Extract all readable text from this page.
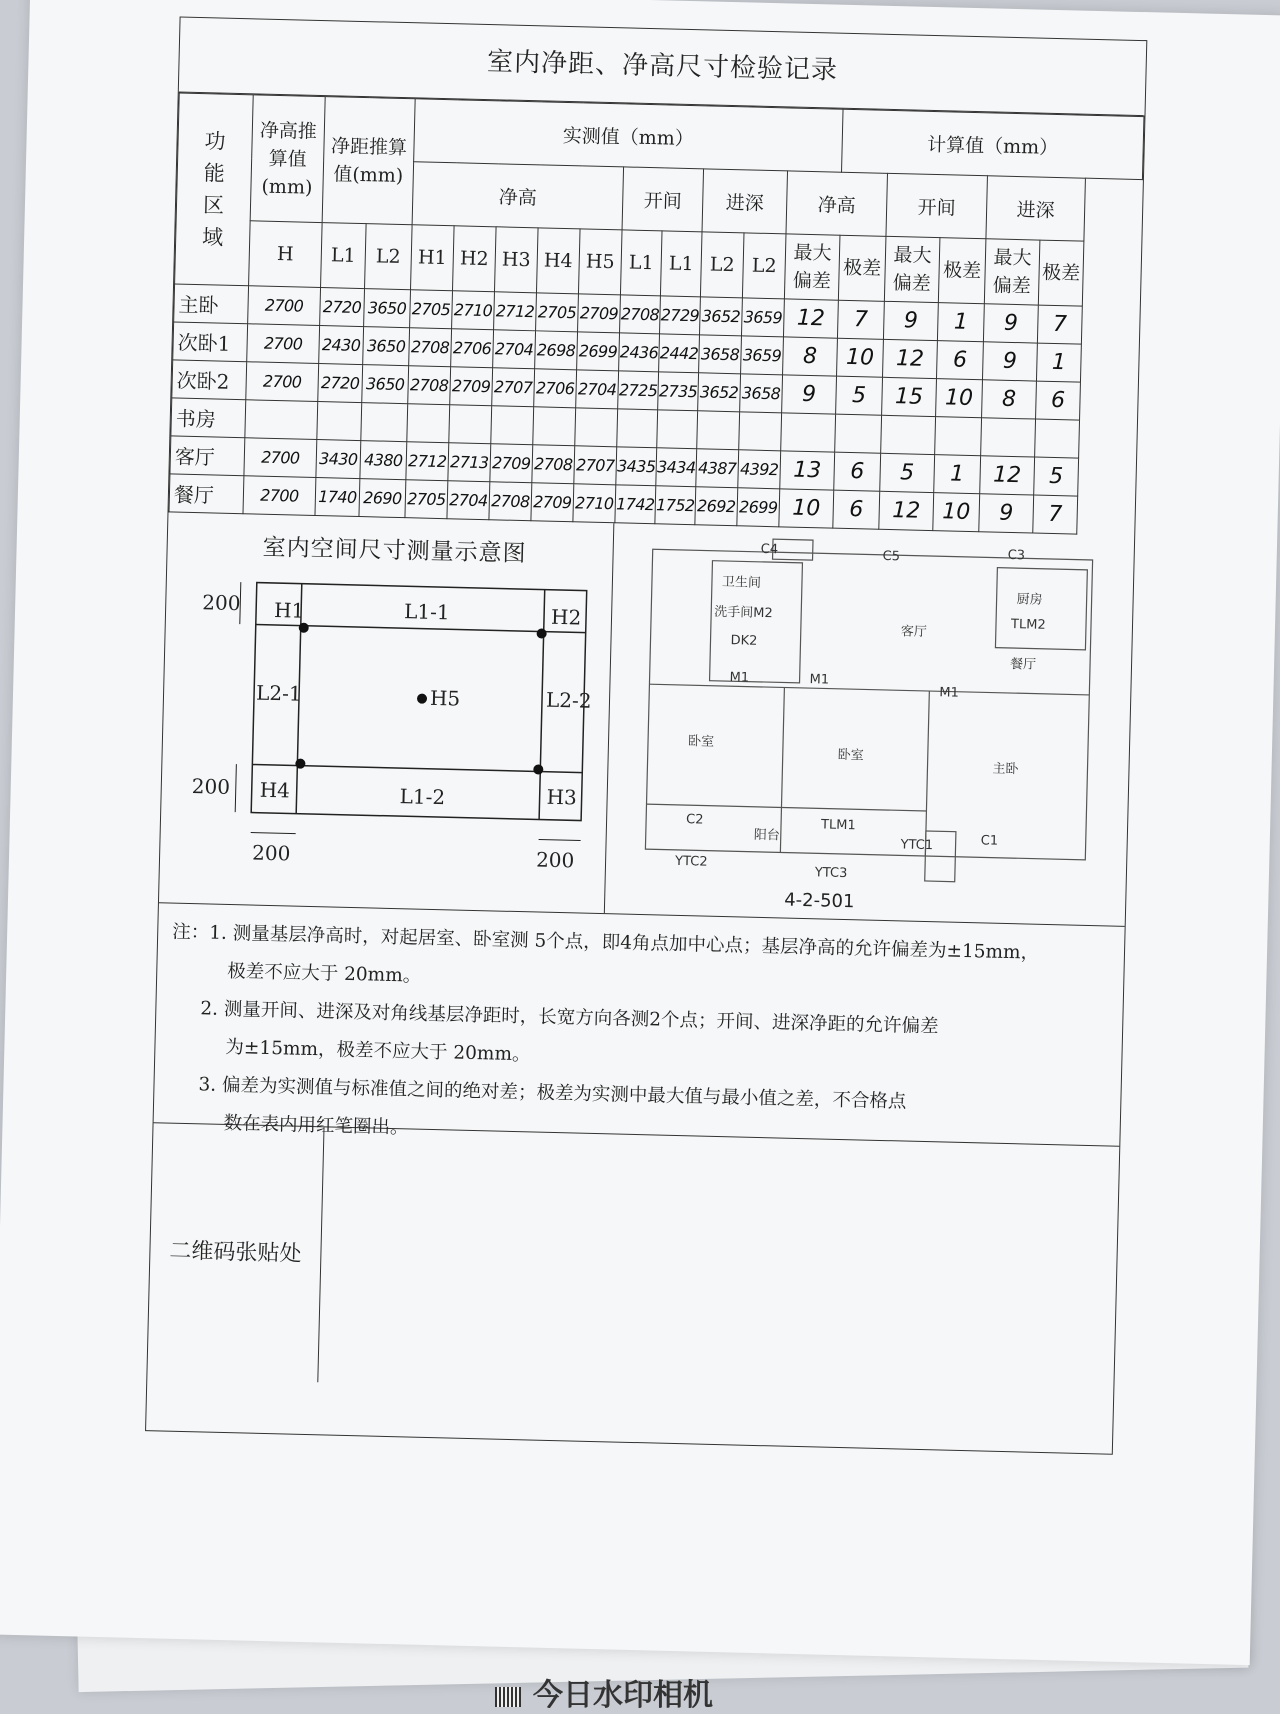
室内净距、净高尺寸检验记录
功能区域	净高推算值(mm)	净距推算值(mm)		实测值（mm）										计算值（mm）				
				净高					开间		进深		净高		开间		进深	
	H	L1	L2	H1	H2	H3	H4	H5	L1	L1	L2	L2	最大偏差	极差	最大偏差	极差	最大偏差	极差
主卧	2700	2720	3650	2705	2710	2712	2705	2709	2708	2729	3652	3659	12	7	9	1	9	7
次卧1	2700	2430	3650	2708	2706	2704	2698	2699	2436	2442	3658	3659	8	10	12	6	9	1
次卧2	2700	2720	3650	2708	2709	2707	2706	2704	2725	2735	3652	3658	9	5	15	10	8	6
书房																		
客厅	2700	3430	4380	2712	2713	2709	2708	2707	3435	3434	4387	4392	13	6	5	1	12	5
餐厅	2700	1740	2690	2705	2704	2708	2709	2710	1742	1752	2692	2699	10	6	12	10	9	7
室内空间尺寸测量示意图
200
200
200	200
H1	H2
H3
H4
H5
L1-1
L1-2
L2-1	L2-2
C4	C5	C3
卫生间
洗手间M2
DK2
厨房
TLM2
客厅
餐厅
M1	M1
M1
卧室
卧室
主卧
C2
阳台
TLM1
YTC1	C1
YTC2
YTC3
4-2-501
注：1. 测量基层净高时，对起居室、卧室测 5个点，即4角点加中心点；基层净高的允许偏差为±15mm，
极差不应大于 20mm。
2. 测量开间、进深及对角线基层净距时，长宽方向各测2个点；开间、进深净距的允许偏差
为±15mm，极差不应大于 20mm。
3. 偏差为实测值与标准值之间的绝对差；极差为实测中最大值与最小值之差，不合格点
数在表内用红笔圈出。
二维码张贴处
今日水印相机
